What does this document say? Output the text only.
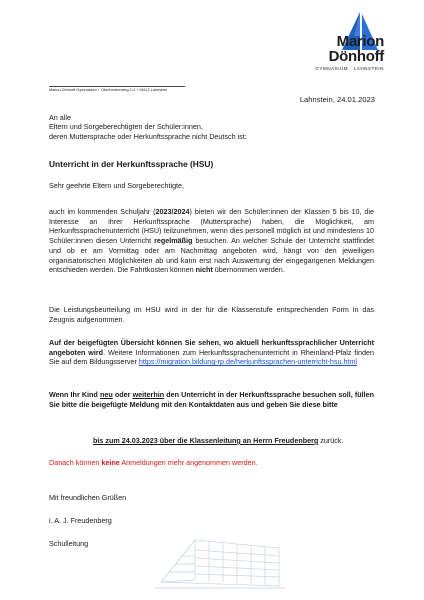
Marion Dönhoff
GYMNASIUM · LAHNSTEIN
Marion-Dönhoff-Gymnasium + Oberheckenweg 2-4 + 56112 Lahnstein
Lahnstein, 24.01.2023
An alle
Eltern und Sorgeberechtigten der Schüler:innen,
deren Muttersprache oder Herkunftssprache nicht Deutsch ist:
Unterricht in der Herkunftssprache (HSU)
Sehr geehrte Eltern und Sorgeberechtigte,
auch im kommenden Schuljahr (2023/2024) bieten wir den Schüler:innen der Klassen 5 bis 10, die Interesse an ihrer Herkunftssprache (Muttersprache) haben, die Möglichkeit, am Herkunftssprachenunterricht (HSU) teilzunehmen, wenn dies personell möglich ist und mindestens 10 Schüler:innen diesen Unterricht regelmäßig besuchen. An welcher Schule der Unterricht stattfindet und ob er am Vormittag oder am Nachmittag angeboten wird, hängt von den jeweiligen organisatorischen Möglichkeiten ab und kann erst nach Auswertung der eingegangenen Meldungen entschieden werden. Die Fahrtkosten können nicht übernommen werden.
Die Leistungsbeurteilung im HSU wird in der für die Klassenstufe entsprechenden Form in das Zeugnis aufgenommen.
Auf der beigefügten Übersicht können Sie sehen, wo aktuell herkunftssprachlicher Unterricht angeboten wird. Weitere Informationen zum Herkunftssprachenunterricht in Rheinland-Pfalz finden Sie auf dem Bildungsserver https://migration.bildung-rp.de/herkunftssprachen-unterricht-hsu.html
Wenn Ihr Kind neu oder weiterhin den Unterricht in der Herkunftssprache besuchen soll, füllen Sie bitte die beigefügte Meldung mit den Kontaktdaten aus und geben Sie diese bitte
bis zum 24.03.2023 über die Klassenleitung an Herrn Freudenberg zurück.
Danach können keine Anmeldungen mehr angenommen werden.
Mit freundlichen Grüßen
i. A. J. Freudenberg
Schulleitung
